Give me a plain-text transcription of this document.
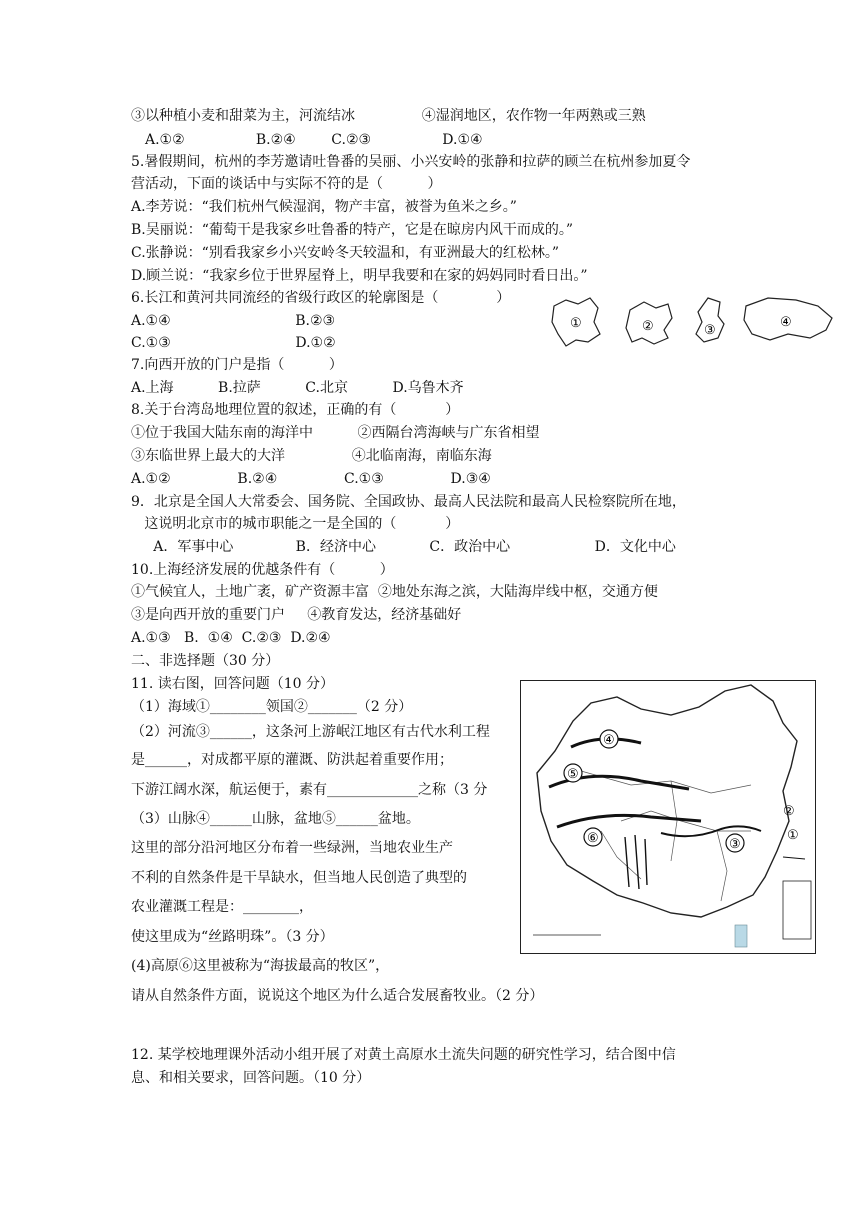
③以种植小麦和甜菜为主，河流结冰               ④湿润地区，农作物一年两熟或三熟
A.①②                B.②④        C.②③                D.①④
5.暑假期间，杭州的李芳邀请吐鲁番的吴丽、小兴安岭的张静和拉萨的顾兰在杭州参加夏令
营活动，下面的谈话中与实际不符的是（          ）
A.李芳说：“我们杭州气候湿润，物产丰富，被誉为鱼米之乡。”
B.吴丽说：“葡萄干是我家乡吐鲁番的特产，它是在晾房内风干而成的。”
C.张静说：“别看我家乡小兴安岭冬天较温和，有亚洲最大的红松林。”
D.顾兰说：“我家乡位于世界屋脊上，明早我要和在家的妈妈同时看日出。”
6.长江和黄河共同流经的省级行政区的轮廓图是（             ）
A.①④                            B.②③
C.①③                            D.①②
7.向西开放的门户是指（          ）
A.上海          B.拉萨          C.北京          D.乌鲁木齐
8.关于台湾岛地理位置的叙述，正确的有（           ）
①位于我国大陆东南的海洋中          ②西隔台湾海峡与广东省相望
③东临世界上最大的大洋               ④北临南海，南临东海
A.①②               B.②④               C.①③               D.③④
9．北京是全国人大常委会、国务院、全国政协、最高人民法院和最高人民检察院所在地，
这说明北京市的城市职能之一是全国的（           ）
A．军事中心              B．经济中心            C．政治中心                   D．文化中心
10.上海经济发展的优越条件有（          ）
①气候宜人，土地广袤，矿产资源丰富  ②地处东海之滨，大陆海岸线中枢，交通方便
③是向西开放的重要门户     ④教育发达，经济基础好
A.①③   B.  ①④  C.②③  D.②④
二、非选择题（30 分）
11. 读右图，回答问题（10 分）
（1）海域①________领国②_______（2 分）
（2）河流③______，这条河上游岷江地区有古代水利工程
是______，对成都平原的灌溉、防洪起着重要作用；
下游江阔水深，航运便于，素有_____________之称（3 分
（3）山脉④______山脉，盆地⑤______盆地。
这里的部分沿河地区分布着一些绿洲，当地农业生产
不利的自然条件是干旱缺水，但当地人民创造了典型的
农业灌溉工程是：________，
使这里成为“丝路明珠”。（3 分）
(4)高原⑥这里被称为“海拔最高的牧区”，
请从自然条件方面，说说这个地区为什么适合发展畜牧业。（2 分）
12. 某学校地理课外活动小组开展了对黄土高原水土流失问题的研究性学习，结合图中信
息、和相关要求，回答问题。（10 分）
①	②	③
④
④
⑤
⑥	③
②
①
